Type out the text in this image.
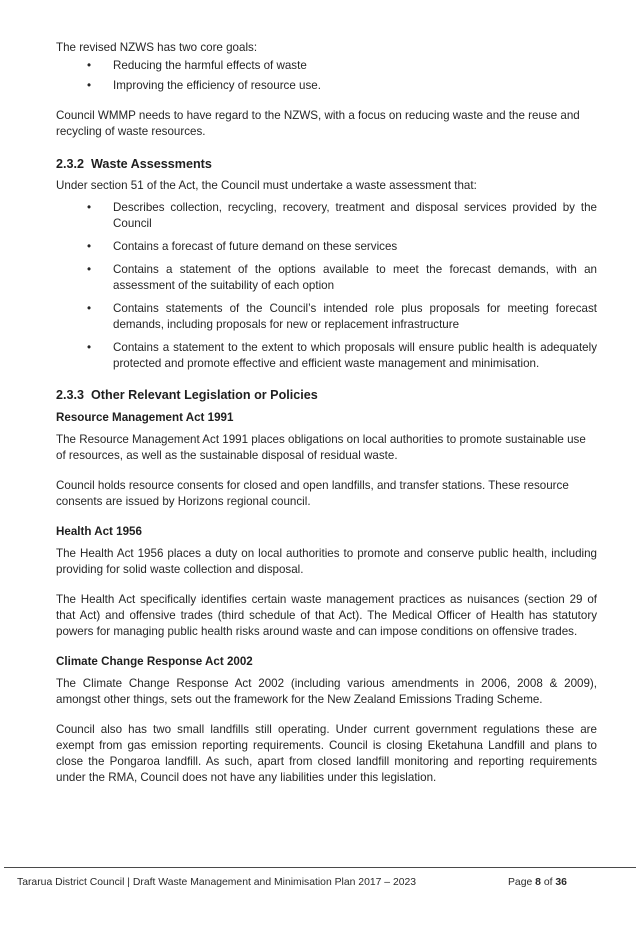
The revised NZWS has two core goals:

• Reducing the harmful effects of waste
• Improving the efficiency of resource use.

Council WMMP needs to have regard to the NZWS, with a focus on reducing waste and the reuse and recycling of waste resources.

2.3.2 Waste Assessments

Under section 51 of the Act, the Council must undertake a waste assessment that:

• Describes collection, recycling, recovery, treatment and disposal services provided by the Council
• Contains a forecast of future demand on these services
• Contains a statement of the options available to meet the forecast demands, with an assessment of the suitability of each option
• Contains statements of the Council’s intended role plus proposals for meeting forecast demands, including proposals for new or replacement infrastructure
• Contains a statement to the extent to which proposals will ensure public health is adequately protected and promote effective and efficient waste management and minimisation.
2.3.3 Other Relevant Legislation or Policies
Resource Management Act 1991

The Resource Management Act 1991 places obligations on local authorities to promote sustainable use of resources, as well as the sustainable disposal of residual waste.

Council holds resource consents for closed and open landfills, and transfer stations. These resource consents are issued by Horizons regional council.

Health Act 1956

The Health Act 1956 places a duty on local authorities to promote and conserve public health, including providing for solid waste collection and disposal.

The Health Act specifically identifies certain waste management practices as nuisances (section 29 of that Act) and offensive trades (third schedule of that Act). The Medical Officer of Health has statutory powers for managing public health risks around waste and can impose conditions on offensive trades.

Climate Change Response Act 2002

The Climate Change Response Act 2002 (including various amendments in 2006, 2008 & 2009), amongst other things, sets out the framework for the New Zealand Emissions Trading Scheme.

Council also has two small landfills still operating. Under current government regulations these are exempt from gas emission reporting requirements. Council is closing Eketahuna Landfill and plans to close the Pongaroa landfill. As such, apart from closed landfill monitoring and reporting requirements under the RMA, Council does not have any liabilities under this legislation.

Tararua District Council | Draft Waste Management and Minimisation Plan 2017 – 2023	Page 8 of 36
